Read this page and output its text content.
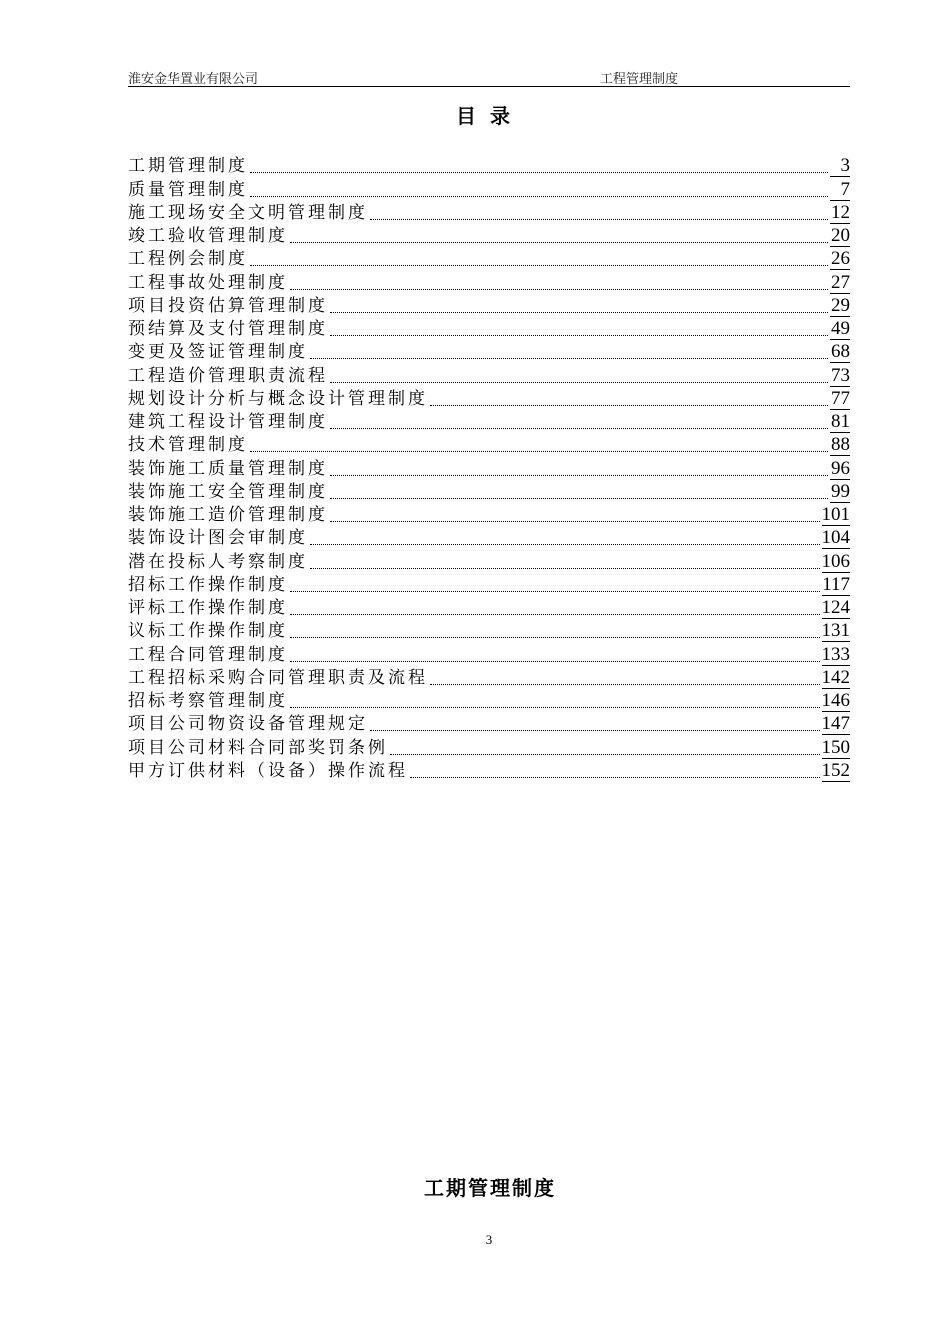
淮安金华置业有限公司	工程管理制度
目录
工期管理制度	3
质量管理制度	7
施工现场安全文明管理制度	12
竣工验收管理制度	20
工程例会制度	26
工程事故处理制度	27
项目投资估算管理制度	29
预结算及支付管理制度	49
变更及签证管理制度	68
工程造价管理职责流程	73
规划设计分析与概念设计管理制度	77
建筑工程设计管理制度	81
技术管理制度	88
装饰施工质量管理制度	96
装饰施工安全管理制度	99
装饰施工造价管理制度	101
装饰设计图会审制度	104
潜在投标人考察制度	106
招标工作操作制度	117
评标工作操作制度	124
议标工作操作制度	131
工程合同管理制度	133
工程招标采购合同管理职责及流程	142
招标考察管理制度	146
项目公司物资设备管理规定	147
项目公司材料合同部奖罚条例	150
甲方订供材料（设备）操作流程	152
工期管理制度
3
